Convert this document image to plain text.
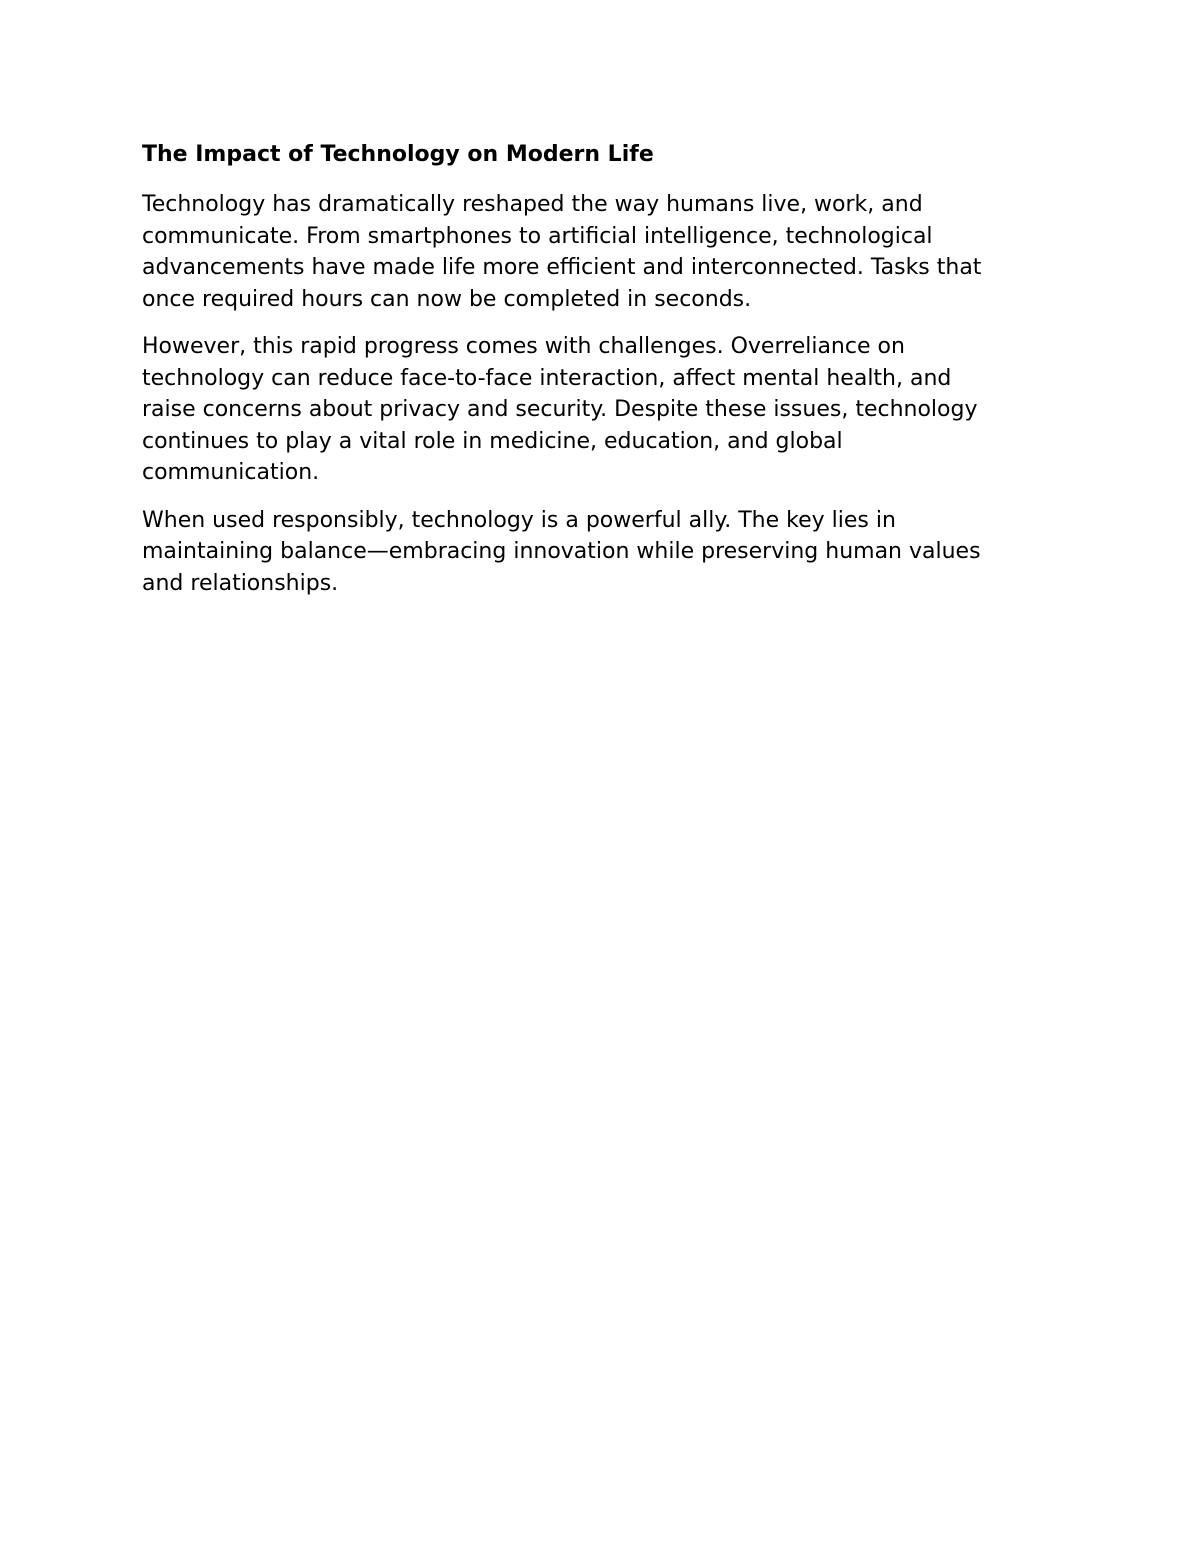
The Impact of Technology on Modern Life

Technology has dramatically reshaped the way humans live, work, and
communicate. From smartphones to artificial intelligence, technological
advancements have made life more efficient and interconnected. Tasks that
once required hours can now be completed in seconds.

However, this rapid progress comes with challenges. Overreliance on
technology can reduce face-to-face interaction, affect mental health, and
raise concerns about privacy and security. Despite these issues, technology
continues to play a vital role in medicine, education, and global
communication.

When used responsibly, technology is a powerful ally. The key lies in
maintaining balance—embracing innovation while preserving human values
and relationships.
